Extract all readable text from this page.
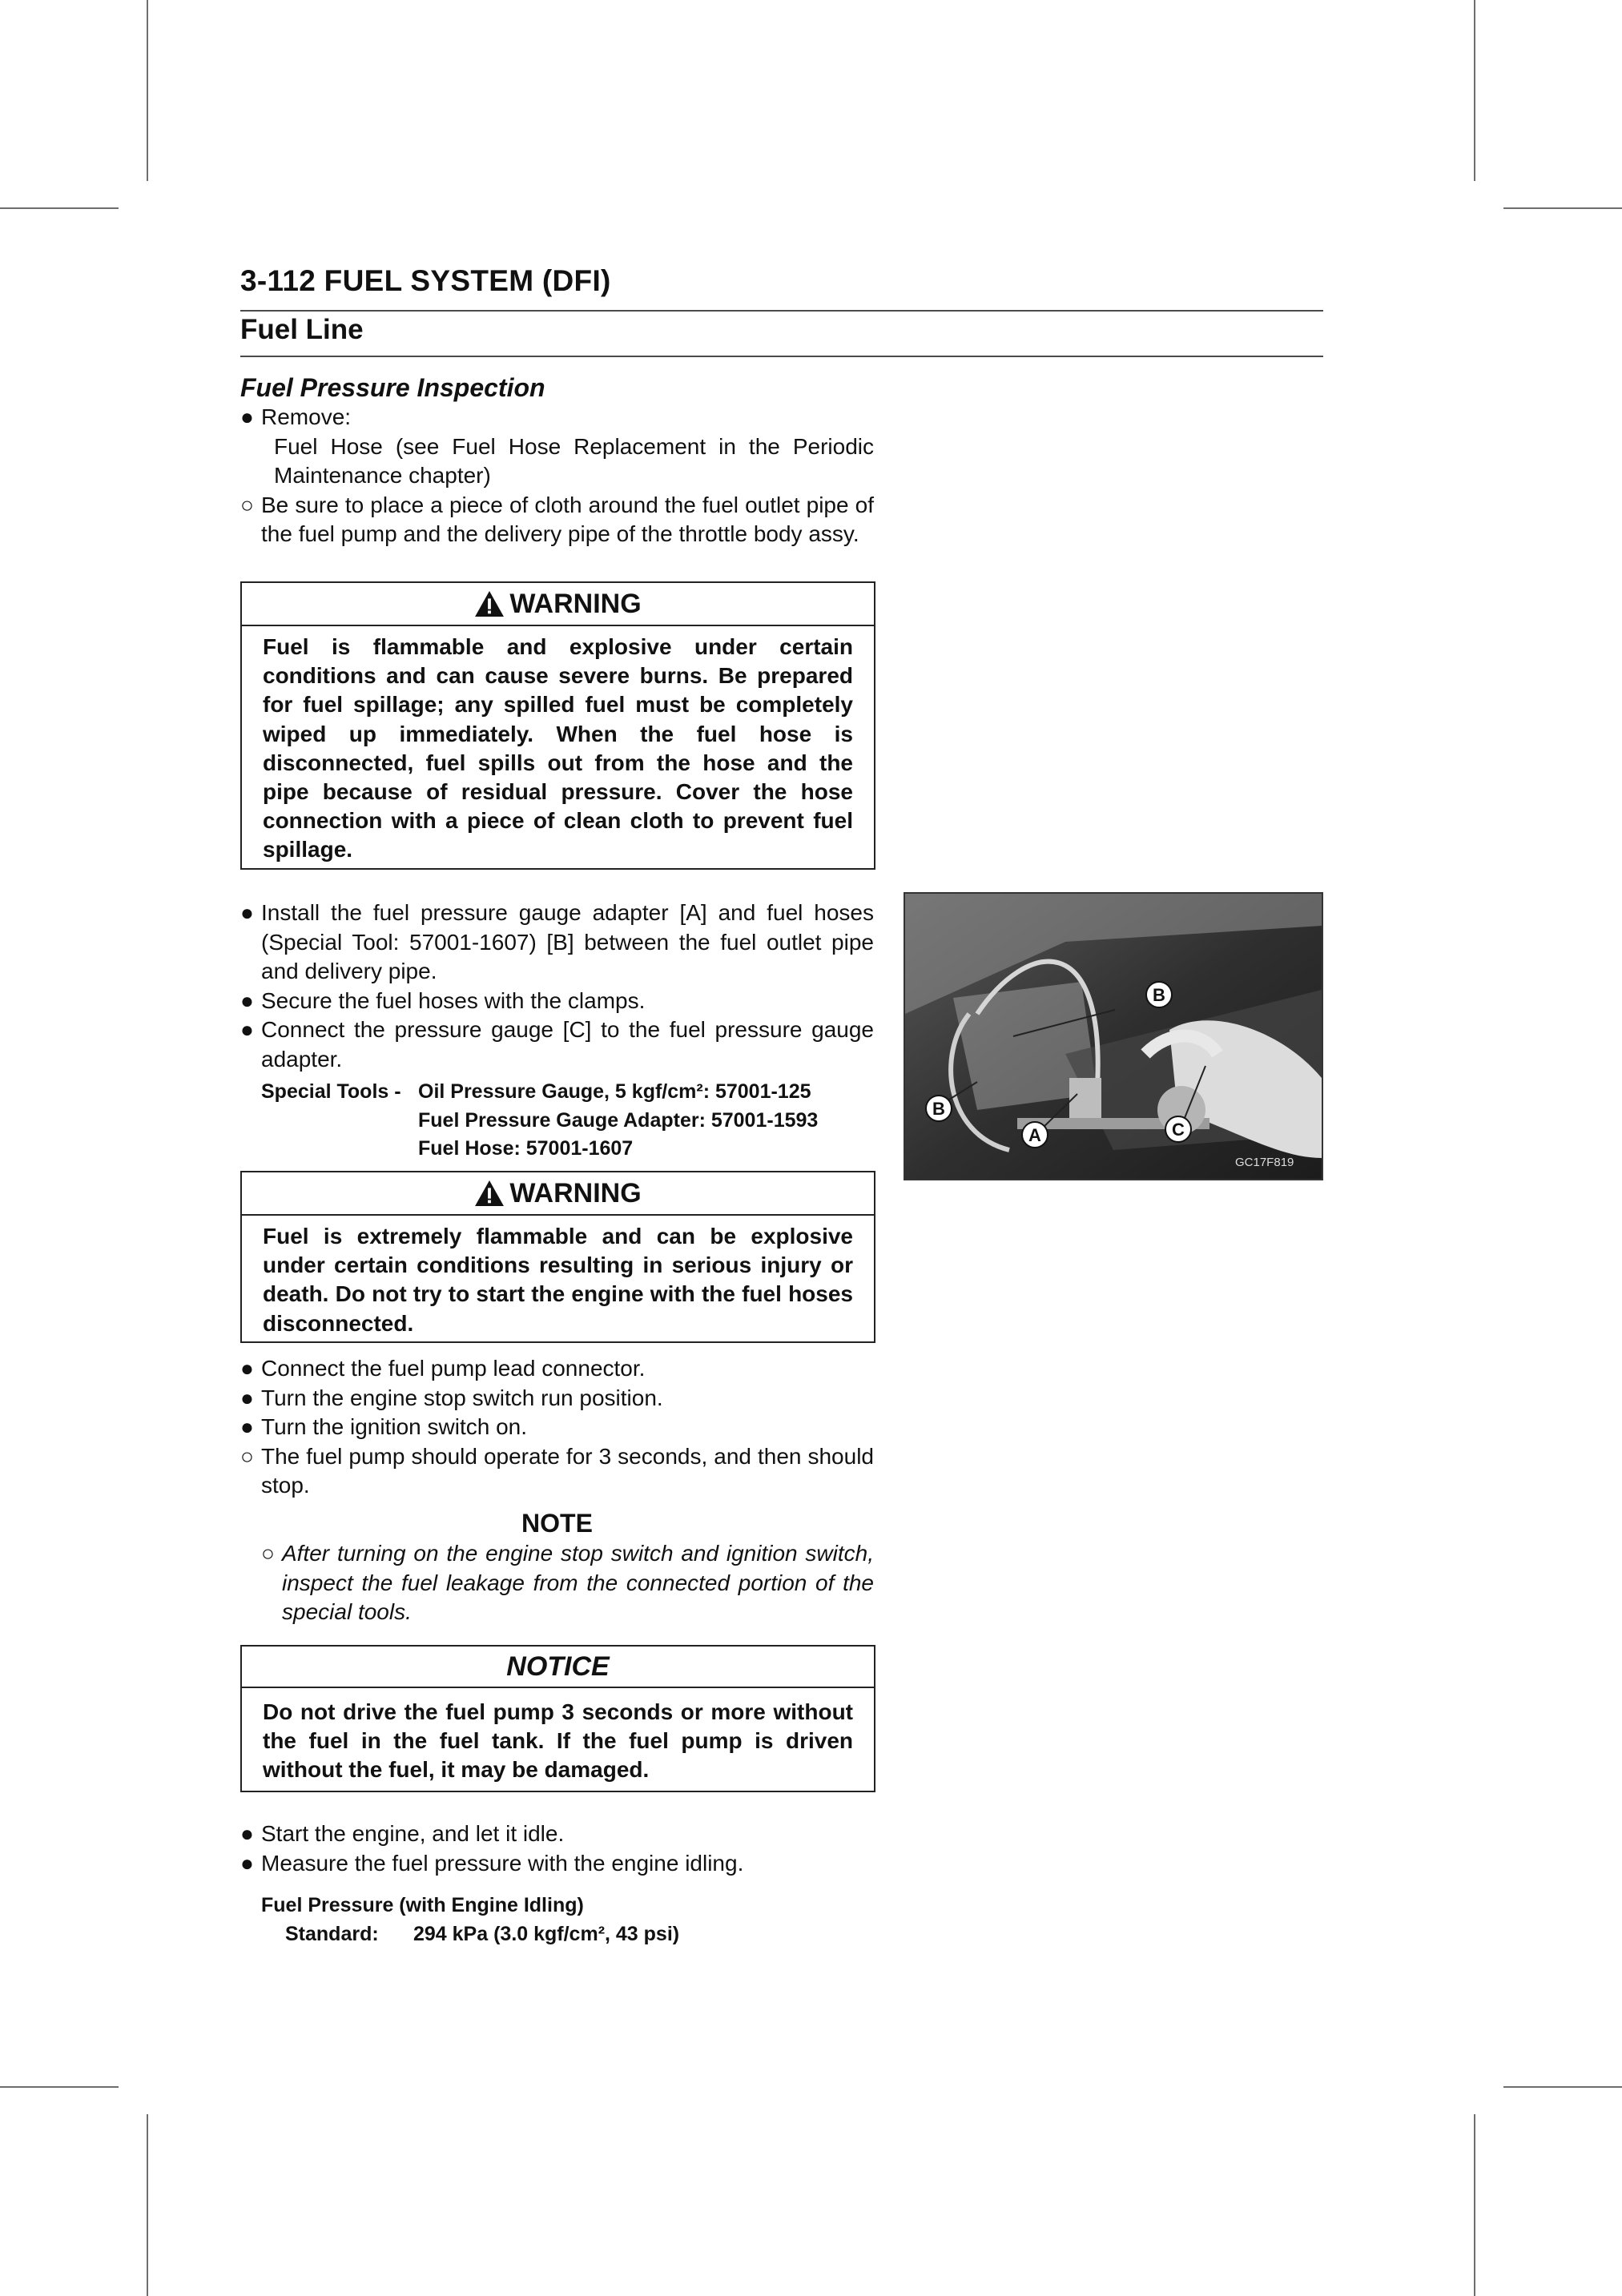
3-112 FUEL SYSTEM (DFI)
Fuel Line

Fuel Pressure Inspection

● Remove:

Fuel Hose (see Fuel Hose Replacement in the Periodic Maintenance chapter)

○ Be sure to place a piece of cloth around the fuel outlet pipe of the fuel pump and the delivery pipe of the throttle body assy.

WARNING
Fuel is flammable and explosive under certain conditions and can cause severe burns. Be prepared for fuel spillage; any spilled fuel must be completely wiped up immediately. When the fuel hose is disconnected, fuel spills out from the hose and the pipe because of residual pressure. Cover the hose connection with a piece of clean cloth to prevent fuel spillage.

● Install the fuel pressure gauge adapter [A] and fuel hoses (Special Tool: 57001-1607) [B] between the fuel outlet pipe and delivery pipe.

● Secure the fuel hoses with the clamps.

● Connect the pressure gauge [C] to the fuel pressure gauge adapter.

Special Tools - Oil Pressure Gauge, 5 kgf/cm²: 57001-125
Fuel Pressure Gauge Adapter: 57001-1593
Fuel Hose: 57001-1607
B
B
A	C
GC17F819
WARNING
Fuel is extremely flammable and can be explosive under certain conditions resulting in serious injury or death. Do not try to start the engine with the fuel hoses disconnected.

● Connect the fuel pump lead connector.

● Turn the engine stop switch run position.

● Turn the ignition switch on.

○ The fuel pump should operate for 3 seconds, and then should stop.

NOTE
○ After turning on the engine stop switch and ignition switch, inspect the fuel leakage from the connected portion of the special tools.
NOTICE
Do not drive the fuel pump 3 seconds or more without the fuel in the fuel tank. If the fuel pump is driven without the fuel, it may be damaged.

● Start the engine, and let it idle.

● Measure the fuel pressure with the engine idling.

Fuel Pressure (with Engine Idling)
Standard: 294 kPa (3.0 kgf/cm², 43 psi)
